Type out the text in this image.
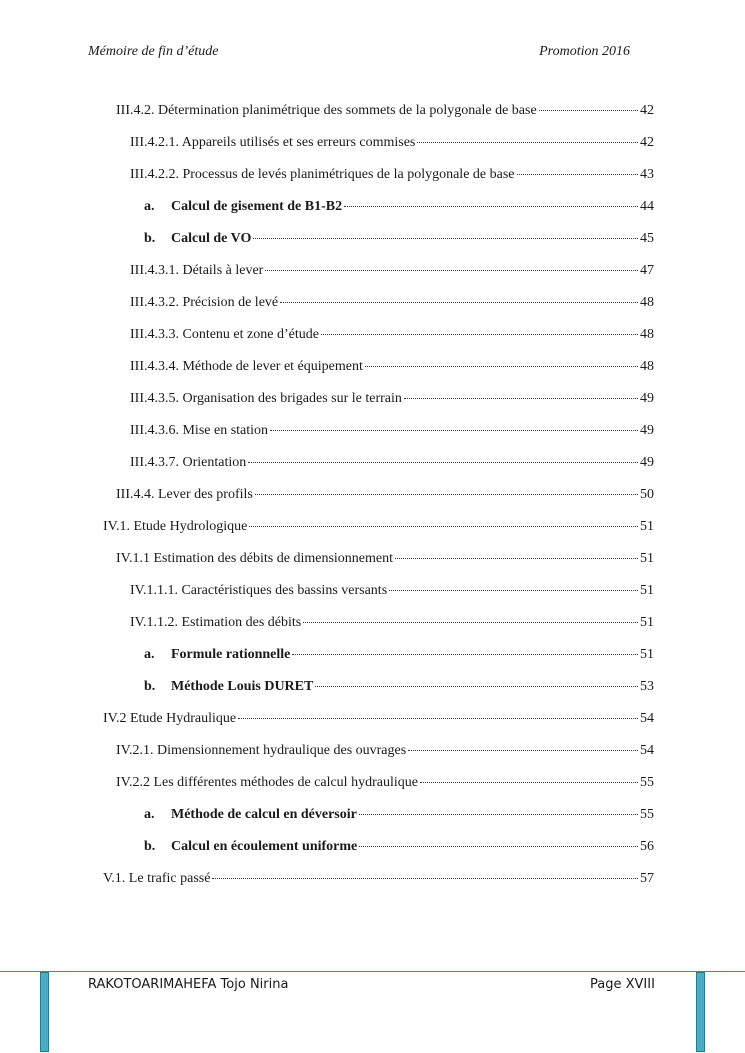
Mémoire de fin d’étude	Promotion 2016
III.4.2. Détermination planimétrique des sommets de la polygonale de base	42
III.4.2.1. Appareils utilisés et ses erreurs commises	42
III.4.2.2. Processus de levés planimétriques de la polygonale de base	43
a.	Calcul de gisement de B1-B2	44
b.	Calcul de VO	45
III.4.3.1. Détails à lever	47
III.4.3.2. Précision de levé	48
III.4.3.3. Contenu et zone d’étude	48
III.4.3.4. Méthode de lever et équipement	48
III.4.3.5. Organisation des brigades sur le terrain	49
III.4.3.6. Mise en station	49
III.4.3.7. Orientation	49
III.4.4. Lever des profils	50
IV.1. Etude Hydrologique	51
IV.1.1 Estimation des débits de dimensionnement	51
IV.1.1.1. Caractéristiques des bassins versants	51
IV.1.1.2. Estimation des débits	51
a.	Formule rationnelle	51
b.	Méthode Louis DURET	53
IV.2 Etude Hydraulique	54
IV.2.1. Dimensionnement hydraulique des ouvrages	54
IV.2.2 Les différentes méthodes de calcul hydraulique	55
a.	Méthode de calcul en déversoir	55
b.	Calcul en écoulement uniforme	56
V.1. Le trafic passé	57
RAKOTOARIMAHEFA Tojo Nirina	Page XVIII
